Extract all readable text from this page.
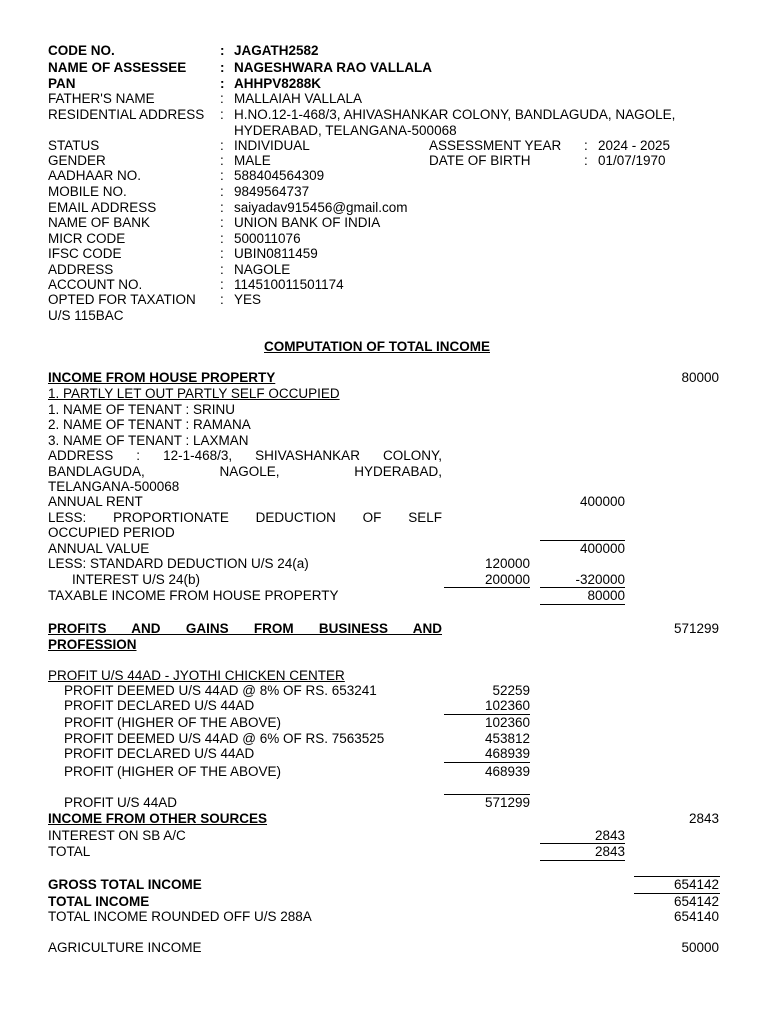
CODE NO.	: JAGATH2582
NAME OF ASSESSEE : NAGESHWARA RAO VALLALA
PAN	: AHHPV8288K
FATHER'S NAME	: MALLAIAH VALLALA
RESIDENTIAL ADDRESS : H.NO.12-1-468/3, AHIVASHANKAR COLONY, BANDLAGUDA, NAGOLE,
HYDERABAD, TELANGANA-500068
STATUS	: INDIVIDUAL	ASSESSMENT YEAR : 2024 - 2025
GENDER	: MALE	DATE OF BIRTH	: 01/07/1970
AADHAAR NO.	: 588404564309
MOBILE NO.	: 9849564737
EMAIL ADDRESS	: saiyadav915456@gmail.com
NAME OF BANK	: UNION BANK OF INDIA
MICR CODE	: 500011076
IFSC CODE	: UBIN0811459
ADDRESS	: NAGOLE
ACCOUNT NO.	: 114510011501174
OPTED FOR TAXATION : YES
U/S 115BAC
COMPUTATION OF TOTAL INCOME
INCOME FROM HOUSE PROPERTY	80000
1. PARTLY LET OUT PARTLY SELF OCCUPIED
1. NAME OF TENANT : SRINU
2. NAME OF TENANT : RAMANA
3. NAME OF TENANT : LAXMAN
ADDRESS : 12-1-468/3, SHIVASHANKAR COLONY,
BANDLAGUDA, NAGOLE, HYDERABAD,
TELANGANA-500068
ANNUAL RENT	400000
LESS: PROPORTIONATE DEDUCTION OF SELF
OCCUPIED PERIOD
ANNUAL VALUE	400000
LESS: STANDARD DEDUCTION U/S 24(a)	120000
INTEREST U/S 24(b)	200000	-320000
TAXABLE INCOME FROM HOUSE PROPERTY	80000
PROFITS AND GAINS FROM BUSINESS AND	571299
PROFESSION
PROFIT U/S 44AD - JYOTHI CHICKEN CENTER
PROFIT DEEMED U/S 44AD @ 8% OF RS. 653241	52259
PROFIT DECLARED U/S 44AD	102360
PROFIT (HIGHER OF THE ABOVE)	102360
PROFIT DEEMED U/S 44AD @ 6% OF RS. 7563525	453812
PROFIT DECLARED U/S 44AD	468939
PROFIT (HIGHER OF THE ABOVE)	468939
PROFIT U/S 44AD	571299
INCOME FROM OTHER SOURCES	2843
INTEREST ON SB A/C	2843
TOTAL	2843
GROSS TOTAL INCOME	654142
TOTAL INCOME	654142
TOTAL INCOME ROUNDED OFF U/S 288A	654140
AGRICULTURE INCOME	50000
